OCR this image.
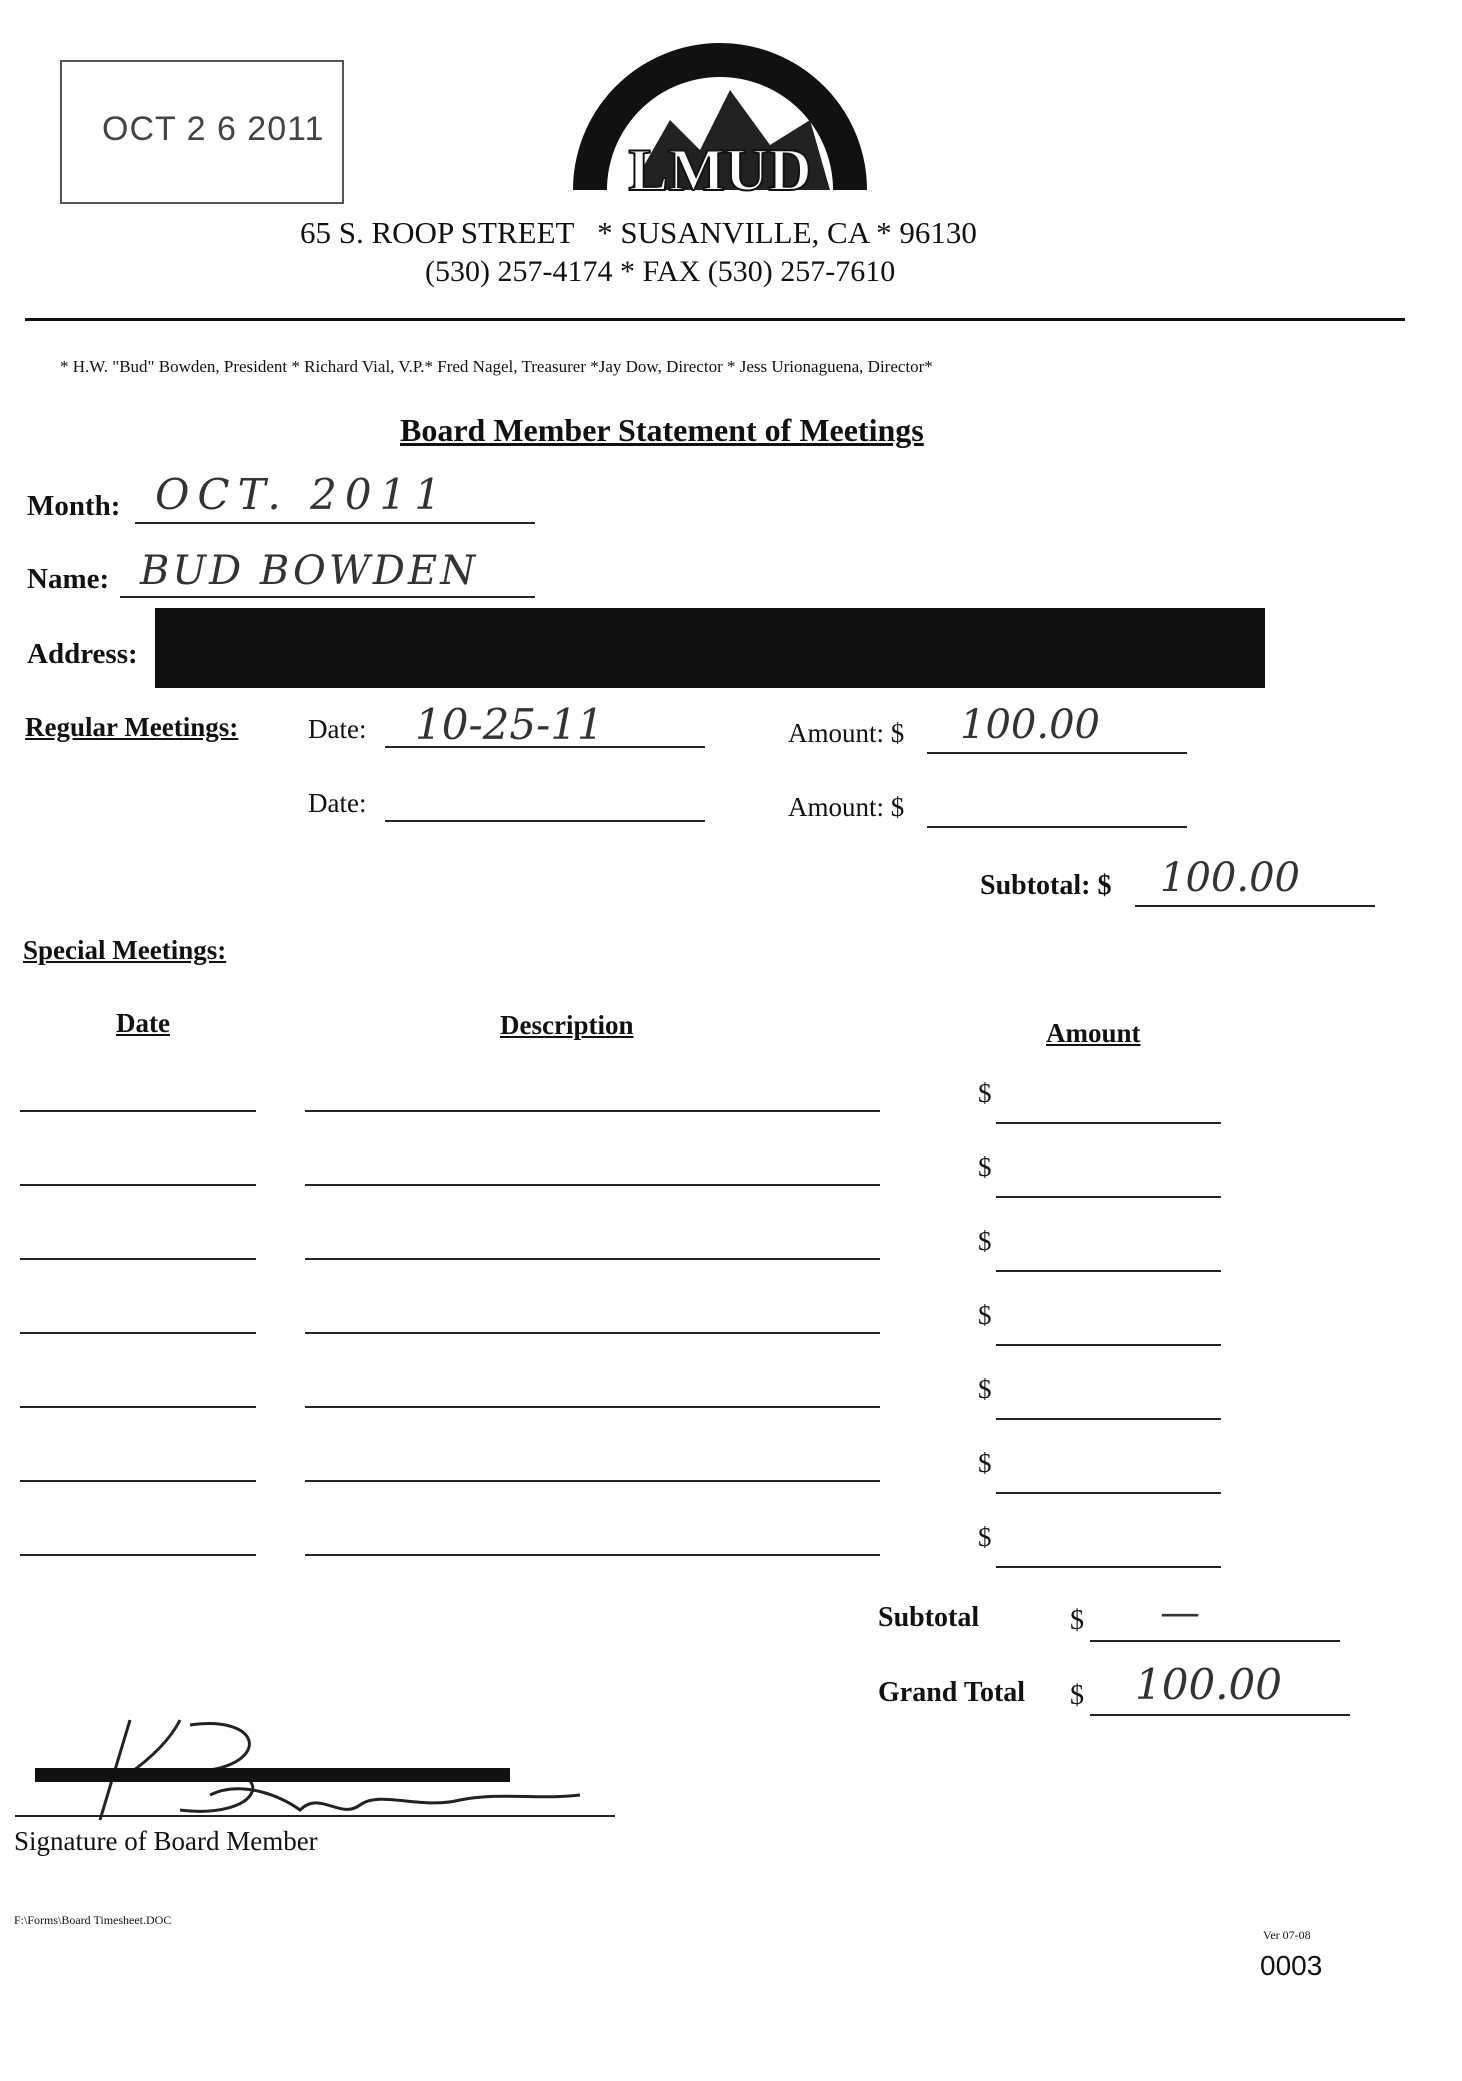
OCT 2 6 2011
LMUD
65 S. ROOP STREET   * SUSANVILLE, CA * 96130
(530) 257-4174 * FAX (530) 257-7610
* H.W. "Bud" Bowden, President * Richard Vial, V.P.* Fred Nagel, Treasurer *Jay Dow, Director * Jess Urionaguena, Director*
Board Member Statement of Meetings
Month: OCT. 2011
Name: BUD BOWDEN
Address:
Regular Meetings:	Date: 10-25-11	Amount: $ 100.00
Date:	Amount: $
Subtotal: $ 100.00
Special Meetings:
Date	Description	Amount
$
$
$
$
$
$
$
Subtotal	$ —
Grand Total $ 100.00
Signature of Board Member
F:\Forms\Board Timesheet.DOC
Ver 07-08
0003
